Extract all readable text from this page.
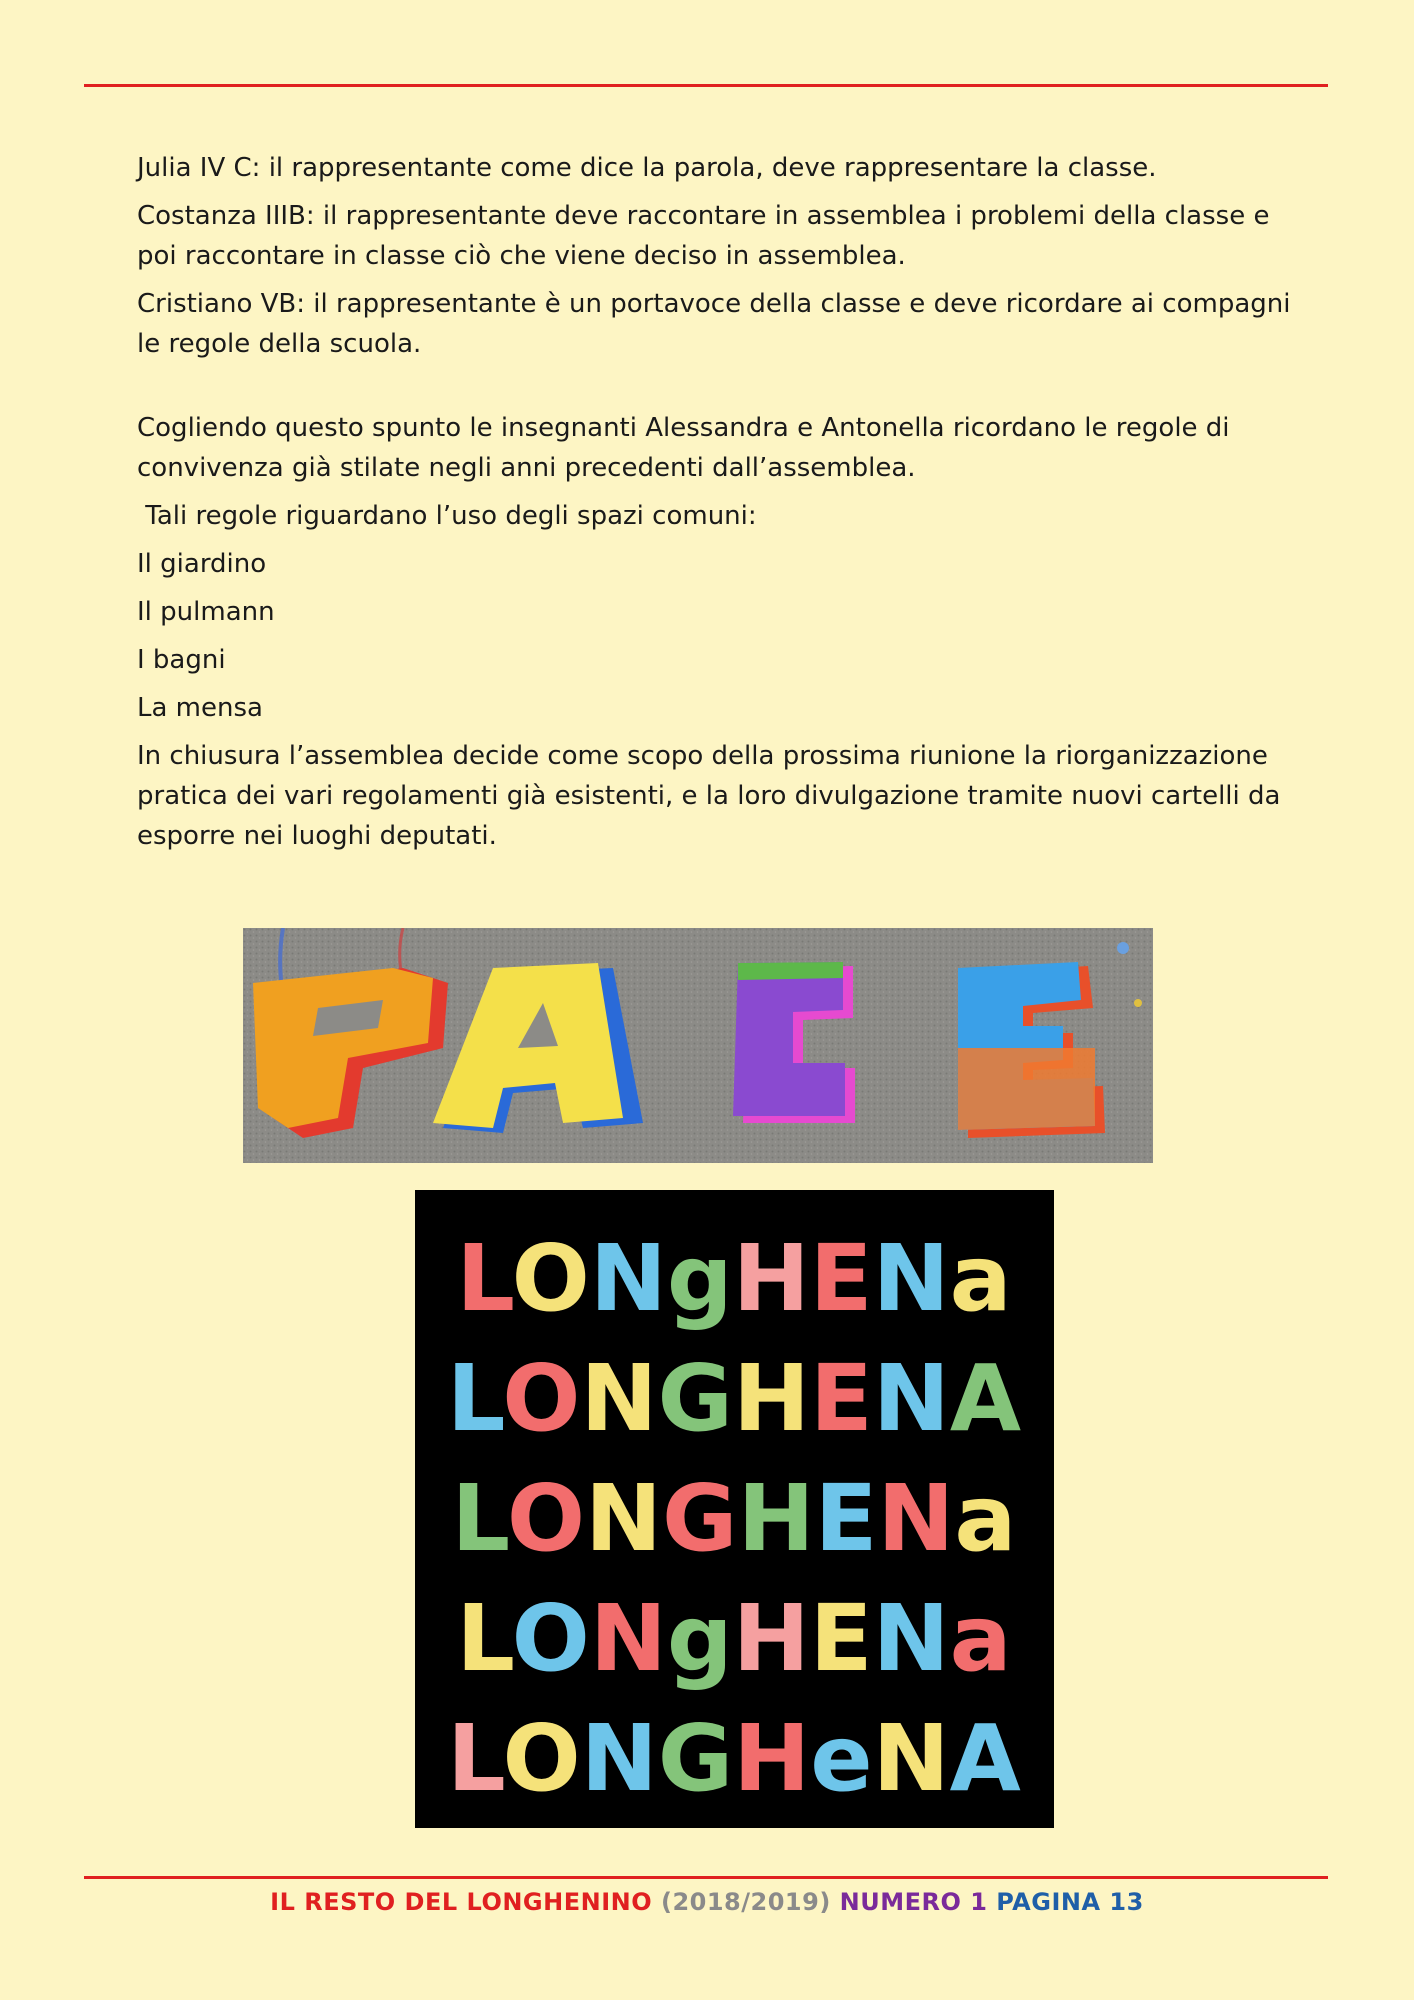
Julia IV C: il rappresentante come dice la parola, deve rappresentare la classe.

Costanza IIIB: il rappresentante deve raccontare in assemblea i problemi della classe e poi raccontare in classe ciò che viene deciso in assemblea.

Cristiano VB: il rappresentante è un portavoce della classe e deve ricordare ai compagni le regole della scuola.

Cogliendo questo spunto le insegnanti Alessandra e Antonella ricordano le regole di convivenza già stilate negli anni precedenti dall’assemblea.

Tali regole riguardano l’uso degli spazi comuni:

Il giardino

Il pulmann

I bagni

La mensa

In chiusura l’assemblea decide come scopo della prossima riunione la riorganizzazione pratica dei vari regolamenti già esistenti, e la loro divulgazione tramite nuovi cartelli da esporre nei luoghi deputati.

LONgHENa
LONGHENA
LONGHENa
LONgHENa
LONGHeNA
IL RESTO DEL LONGHENINO (2018/2019) NUMERO 1 PAGINA 13
